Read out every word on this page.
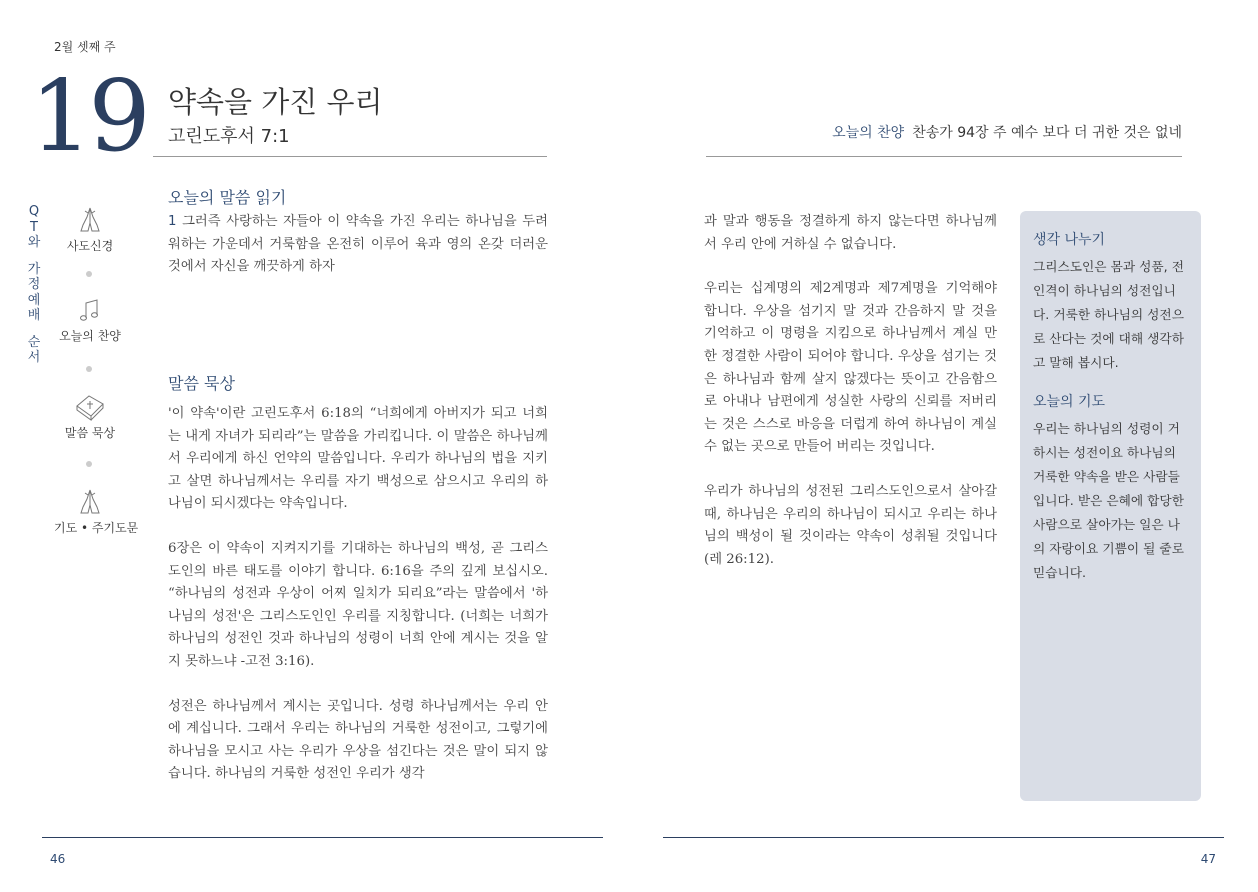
2월 셋째 주
19 약속을 가진 우리
고린도후서 7:1	오늘의 찬양 찬송가 94장 주 예수 보다 더 귀한 것은 없네
Q
T
와
가
정
예
배
순
서
사도신경
오늘의 찬양
말씀 묵상
기도 • 주기도문
오늘의 말씀 읽기
1 그러즉 사랑하는 자들아 이 약속을 가진 우리는 하나님을 두려워하는 가운데서 거룩함을 온전히 이루어 육과 영의 온갖 더러운 것에서 자신을 깨끗하게 하자
말씀 묵상

'이 약속'이란 고린도후서 6:18의 “너희에게 아버지가 되고 너희는 내게 자녀가 되리라”는 말씀을 가리킵니다. 이 말씀은 하나님께서 우리에게 하신 언약의 말씀입니다. 우리가 하나님의 법을 지키고 살면 하나님께서는 우리를 자기 백성으로 삼으시고 우리의 하나님이 되시겠다는 약속입니다.

6장은 이 약속이 지켜지기를 기대하는 하나님의 백성, 곧 그리스도인의 바른 태도를 이야기 합니다. 6:16을 주의 깊게 보십시오. “하나님의 성전과 우상이 어찌 일치가 되리요”라는 말씀에서 '하나님의 성전'은 그리스도인인 우리를 지칭합니다. (너희는 너희가 하나님의 성전인 것과 하나님의 성령이 너희 안에 계시는 것을 알지 못하느냐 -고전 3:16).

성전은 하나님께서 계시는 곳입니다. 성령 하나님께서는 우리 안에 계십니다. 그래서 우리는 하나님의 거룩한 성전이고, 그렇기에 하나님을 모시고 사는 우리가 우상을 섬긴다는 것은 말이 되지 않습니다. 하나님의 거룩한 성전인 우리가 생각

과 말과 행동을 정결하게 하지 않는다면 하나님께서 우리 안에 거하실 수 없습니다.

우리는 십계명의 제2계명과 제7계명을 기억해야 합니다. 우상을 섬기지 말 것과 간음하지 말 것을 기억하고 이 명령을 지킴으로 하나님께서 계실 만한 정결한 사람이 되어야 합니다. 우상을 섬기는 것은 하나님과 함께 살지 않겠다는 뜻이고 간음함으로 아내나 남편에게 성실한 사랑의 신뢰를 저버리는 것은 스스로 바응을 더럽게 하여 하나님이 계실 수 없는 곳으로 만들어 버리는 것입니다.

우리가 하나님의 성전된 그리스도인으로서 살아갈 때, 하나님은 우리의 하나님이 되시고 우리는 하나님의 백성이 될 것이라는 약속이 성취될 것입니다(레 26:12).

생각 나누기

그리스도인은 몸과 성품, 전인격이 하나님의 성전입니다. 거룩한 하나님의 성전으로 산다는 것에 대해 생각하고 말해 봅시다.

오늘의 기도

우리는 하나님의 성령이 거하시는 성전이요 하나님의 거룩한 약속을 받은 사람들입니다. 받은 은혜에 합당한 사람으로 살아가는 일은 나의 자랑이요 기쁨이 될 줄로 믿습니다.

46	47
